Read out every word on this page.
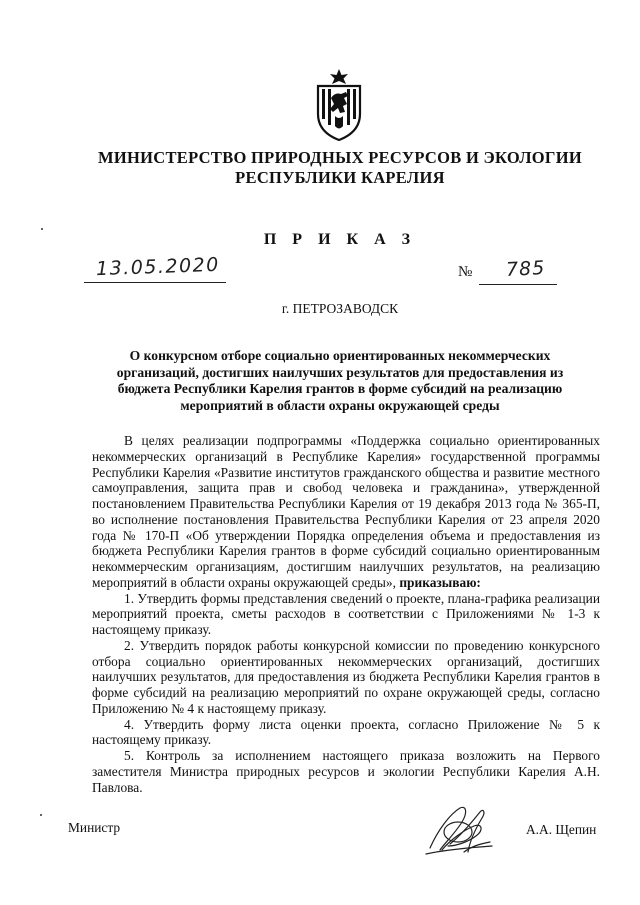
МИНИСТЕРСТВО ПРИРОДНЫХ РЕСУРСОВ И ЭКОЛОГИИ
РЕСПУБЛИКИ КАРЕЛИЯ
П Р И К А З
13.05.2020	№ 785
г. ПЕТРОЗАВОДСК
О конкурсном отборе социально ориентированных некоммерческих организаций, достигших наилучших результатов для предоставления из бюджета Республики Карелия грантов в форме субсидий на реализацию мероприятий в области охраны окружающей среды

В целях реализации подпрограммы «Поддержка социально ориентированных некоммерческих организаций в Республике Карелия» государственной программы Республики Карелия «Развитие институтов гражданского общества и развитие местного самоуправления, защита прав и свобод человека и гражданина», утвержденной постановлением Правительства Республики Карелия от 19 декабря 2013 года № 365-П, во исполнение постановления Правительства Республики Карелия от 23 апреля 2020 года № 170-П «Об утверждении Порядка определения объема и предоставления из бюджета Республики Карелия грантов в форме субсидий социально ориентированным некоммерческим организациям, достигшим наилучших результатов, на реализацию мероприятий в области охраны окружающей среды», приказываю:

1. Утвердить формы представления сведений о проекте, плана-графика реализации мероприятий проекта, сметы расходов в соответствии с Приложениями № 1-3 к настоящему приказу.

2. Утвердить порядок работы конкурсной комиссии по проведению конкурсного отбора социально ориентированных некоммерческих организаций, достигших наилучших результатов, для предоставления из бюджета Республики Карелия грантов в форме субсидий на реализацию мероприятий по охране окружающей среды, согласно Приложению № 4 к настоящему приказу.

4. Утвердить форму листа оценки проекта, согласно Приложение № 5 к настоящему приказу.

5. Контроль за исполнением настоящего приказа возложить на Первого заместителя Министра природных ресурсов и экологии Республики Карелия А.Н. Павлова.

Министр	А.А. Щепин
